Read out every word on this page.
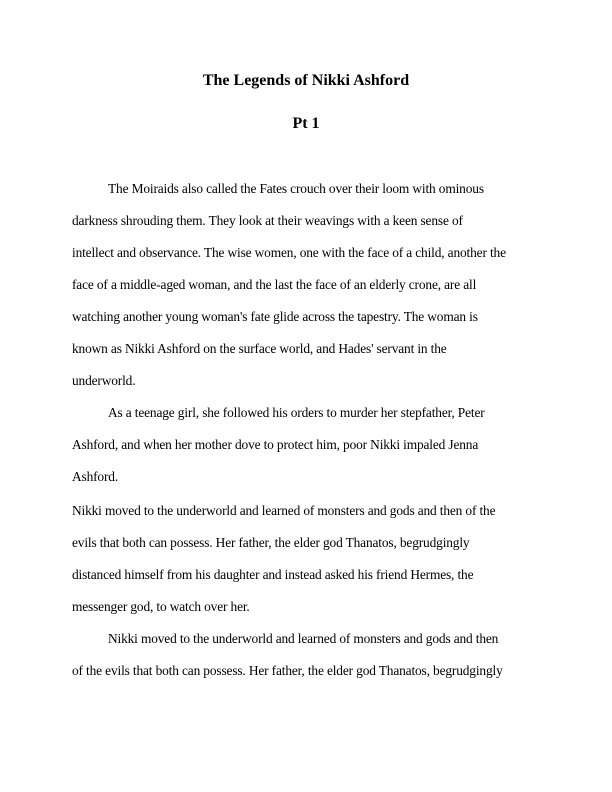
The Legends of Nikki Ashford
Pt 1
The Moiraids also called the Fates crouch over their loom with ominous
darkness shrouding them. They look at their weavings with a keen sense of
intellect and observance. The wise women, one with the face of a child, another the
face of a middle-aged woman, and the last the face of an elderly crone, are all
watching another young woman's fate glide across the tapestry. The woman is
known as Nikki Ashford on the surface world, and Hades' servant in the
underworld.
As a teenage girl, she followed his orders to murder her stepfather, Peter
Ashford, and when her mother dove to protect him, poor Nikki impaled Jenna
Ashford.
Nikki moved to the underworld and learned of monsters and gods and then of the
evils that both can possess. Her father, the elder god Thanatos, begrudgingly
distanced himself from his daughter and instead asked his friend Hermes, the
messenger god, to watch over her.
Nikki moved to the underworld and learned of monsters and gods and then
of the evils that both can possess. Her father, the elder god Thanatos, begrudgingly
